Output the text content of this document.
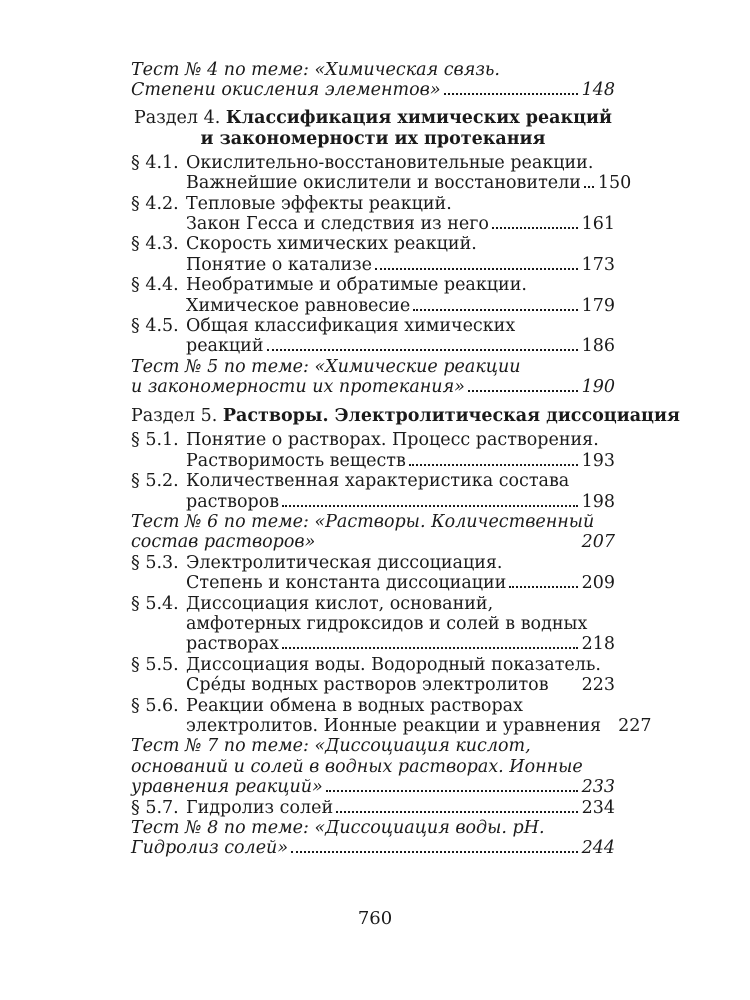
Тест № 4 по теме: «Химическая связь.
Степени окисления элементов»	148
Раздел 4. Классификация химических реакций
и закономерности их протекания
§ 4.1. Окислительно-восстановительные реакции.
Важнейшие окислители и восстановители 150
§ 4.2. Тепловые эффекты реакций.
Закон Гесса и следствия из него	161
§ 4.3. Скорость химических реакций.
Понятие о катализе	173
§ 4.4. Необратимые и обратимые реакции.
Химическое равновесие	179
§ 4.5. Общая классификация химических
реакций	186
Тест № 5 по теме: «Химические реакции
и закономерности их протекания»	190
Раздел 5. Растворы. Электролитическая диссоциация
§ 5.1. Понятие о растворах. Процесс растворения.
Растворимость веществ	193
§ 5.2. Количественная характеристика состава
растворов	198
Тест № 6 по теме: «Растворы. Количественный
состав растворов»	207
§ 5.3. Электролитическая диссоциация.
Степень и константа диссоциации	209
§ 5.4. Диссоциация кислот, оснований,
амфотерных гидроксидов и солей в водных
растворах	218
§ 5.5. Диссоциация воды. Водородный показатель.
Сре́ды водных растворов электролитов 223
§ 5.6. Реакции обмена в водных растворах
электролитов. Ионные реакции и уравнения 227
Тест № 7 по теме: «Диссоциация кислот,
оснований и солей в водных растворах. Ионные
уравнения реакций»	233
§ 5.7. Гидролиз солей	234
Тест № 8 по теме: «Диссоциация воды. рН.
Гидролиз солей»	244
760
